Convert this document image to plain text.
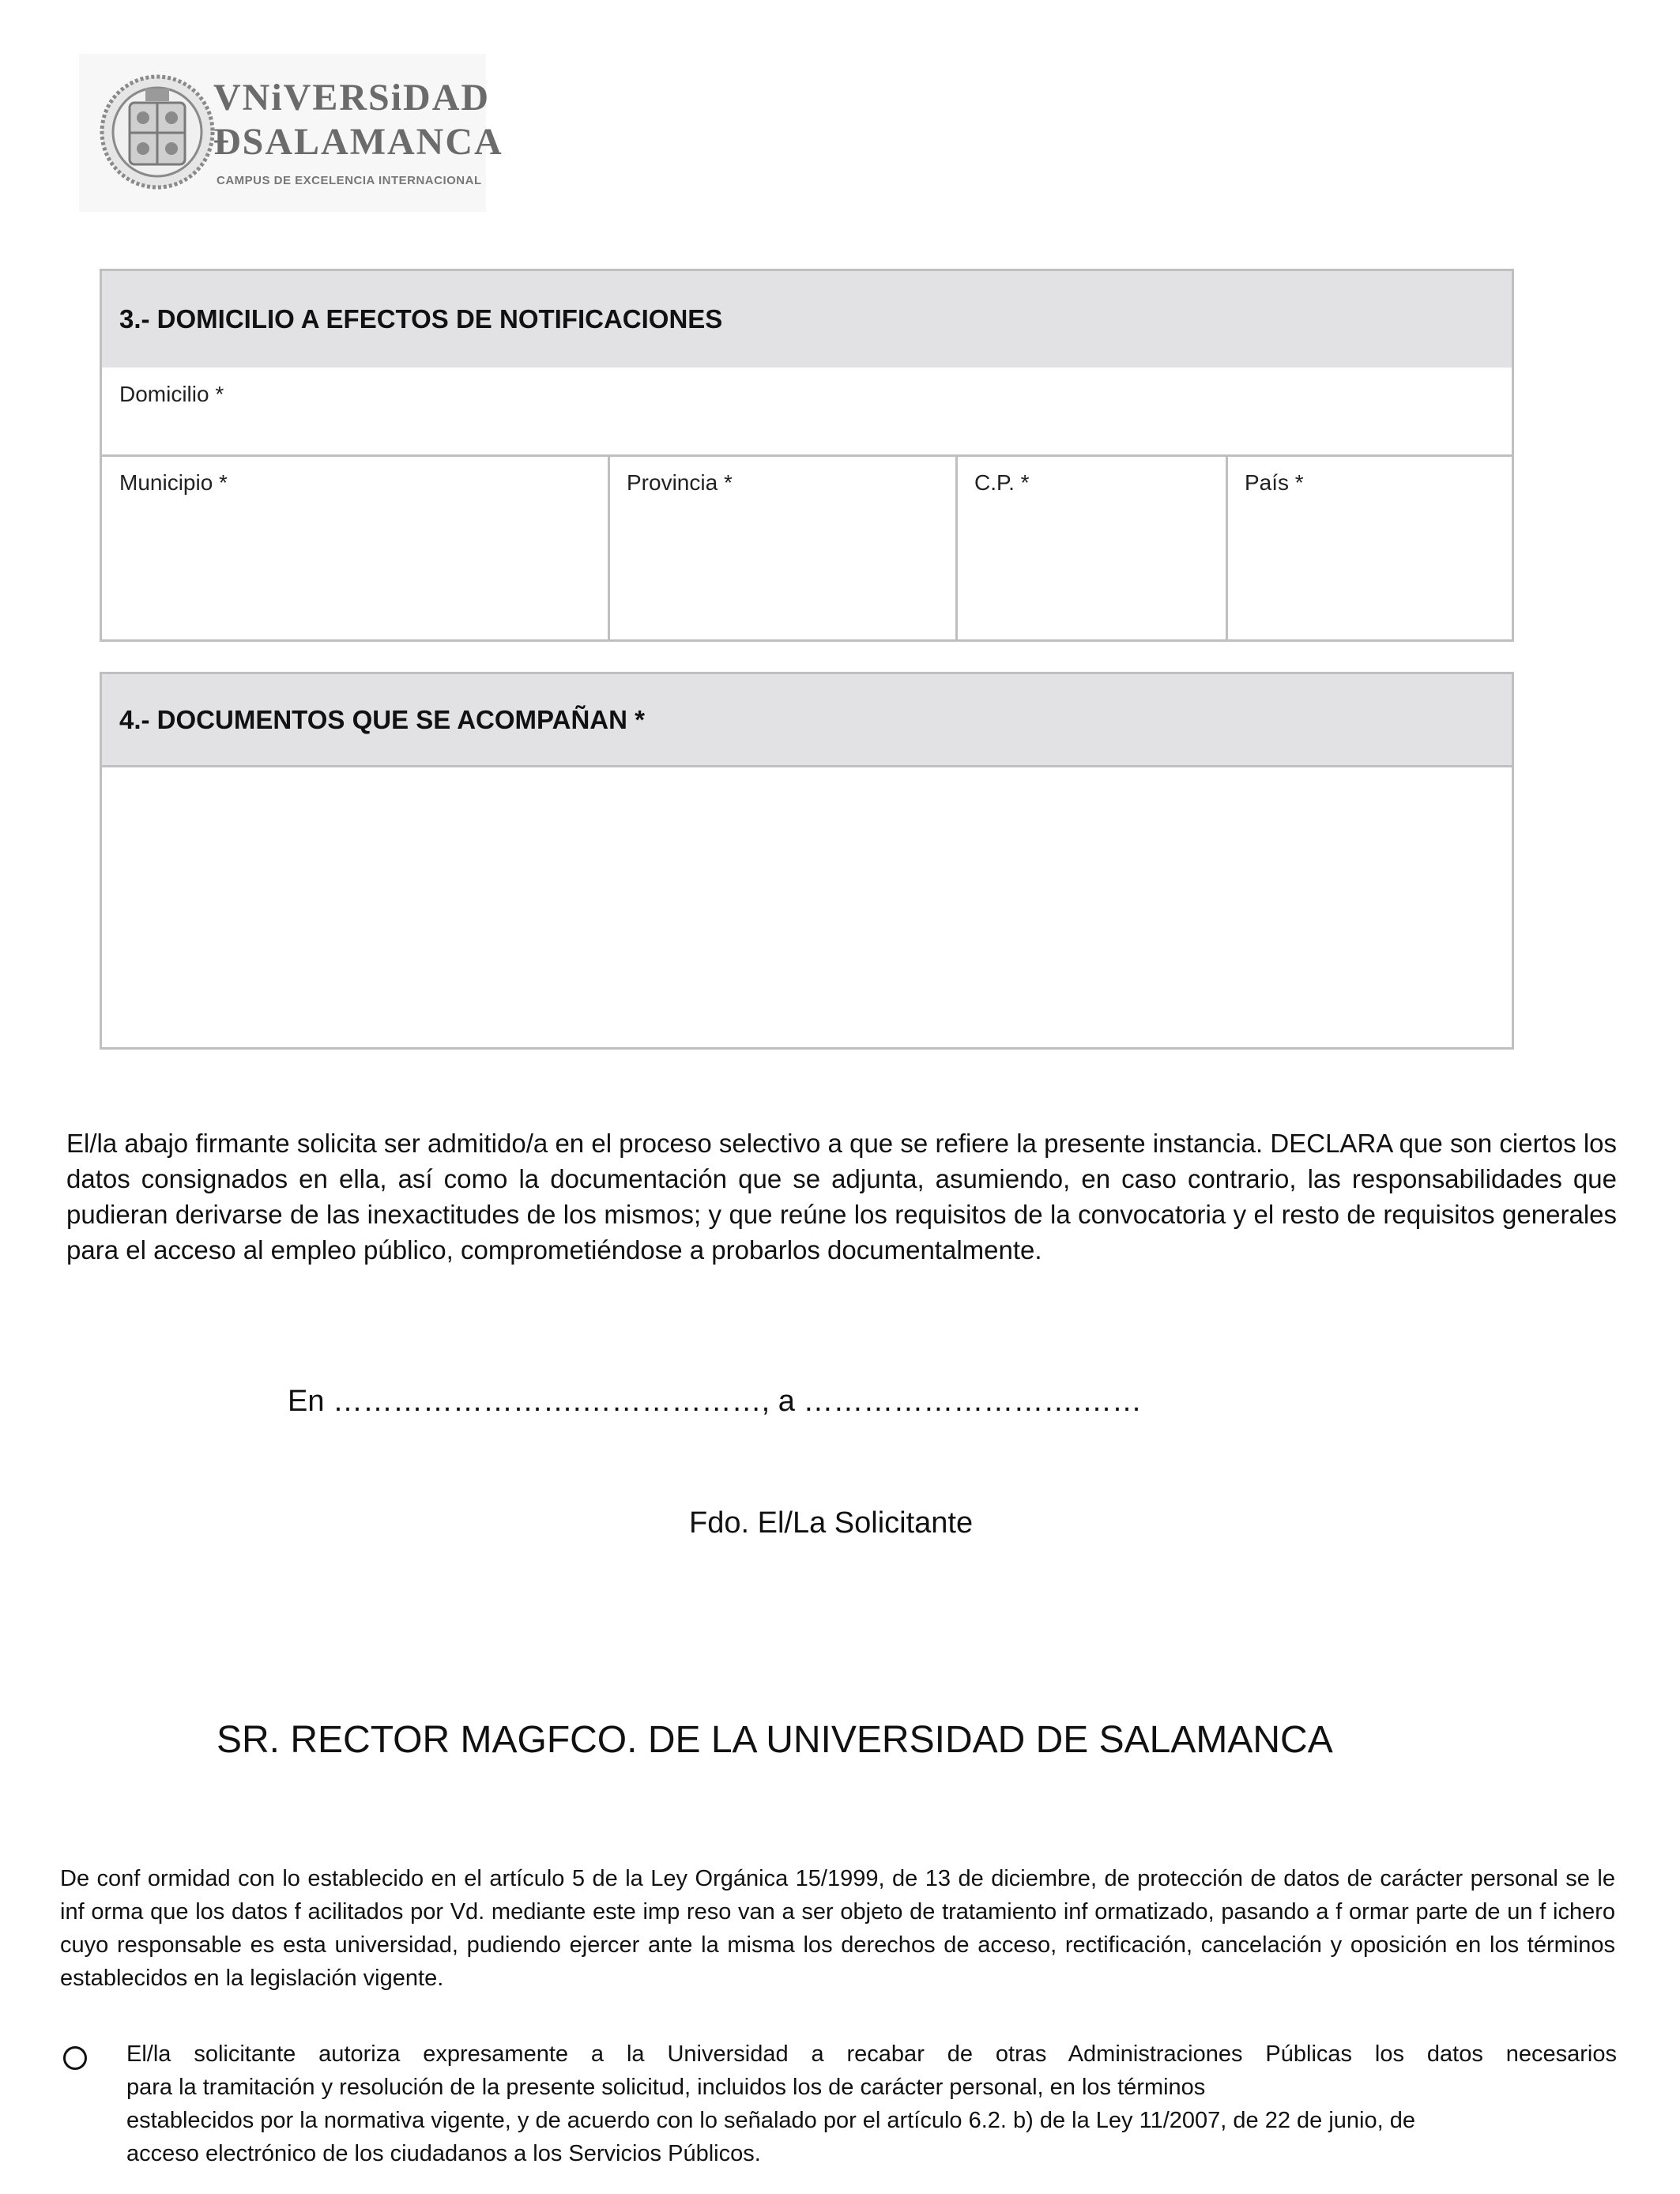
VNiVERSiDAD
ÐSALAMANCA
CAMPUS DE EXCELENCIA INTERNACIONAL
3.- DOMICILIO A EFECTOS DE NOTIFICACIONES
Domicilio *
Municipio *	Provincia *	C.P. *	País *
4.- DOCUMENTOS QUE SE ACOMPAÑAN *
El/la abajo firmante solicita ser admitido/a en el proceso selectivo a que se refiere la presente instancia. DECLARA que son ciertos los datos consignados en ella, así como la documentación que se adjunta, asumiendo, en caso contrario, las responsabilidades que pudieran derivarse de las inexactitudes de los mismos; y que reúne los requisitos de la convocatoria y el resto de requisitos generales para el acceso al empleo público, comprometiéndose a probarlos documentalmente.
En …………………….………………, a ……………………….……
Fdo. El/La Solicitante
SR. RECTOR MAGFCO. DE LA UNIVERSIDAD DE SALAMANCA
De conf ormidad con lo establecido en el artículo 5 de la Ley Orgánica 15/1999, de 13 de diciembre, de protección de datos de carácter personal se le inf orma que los datos f acilitados por Vd. mediante este imp reso van a ser objeto de tratamiento inf ormatizado, pasando a f ormar parte de un f ichero cuyo responsable es esta universidad, pudiendo ejercer ante la misma los derechos de acceso, rectificación, cancelación y oposición en los términos establecidos en la legislación vigente.
El/la solicitante autoriza expresamente a la Universidad a recabar de otras Administraciones Públicas los datos necesarios
para la tramitación y resolución de la presente solicitud, incluidos los de carácter personal, en los términos
establecidos por la normativa vigente, y de acuerdo con lo señalado por el artículo 6.2. b) de la Ley 11/2007, de 22 de junio, de
acceso electrónico de los ciudadanos a los Servicios Públicos.
